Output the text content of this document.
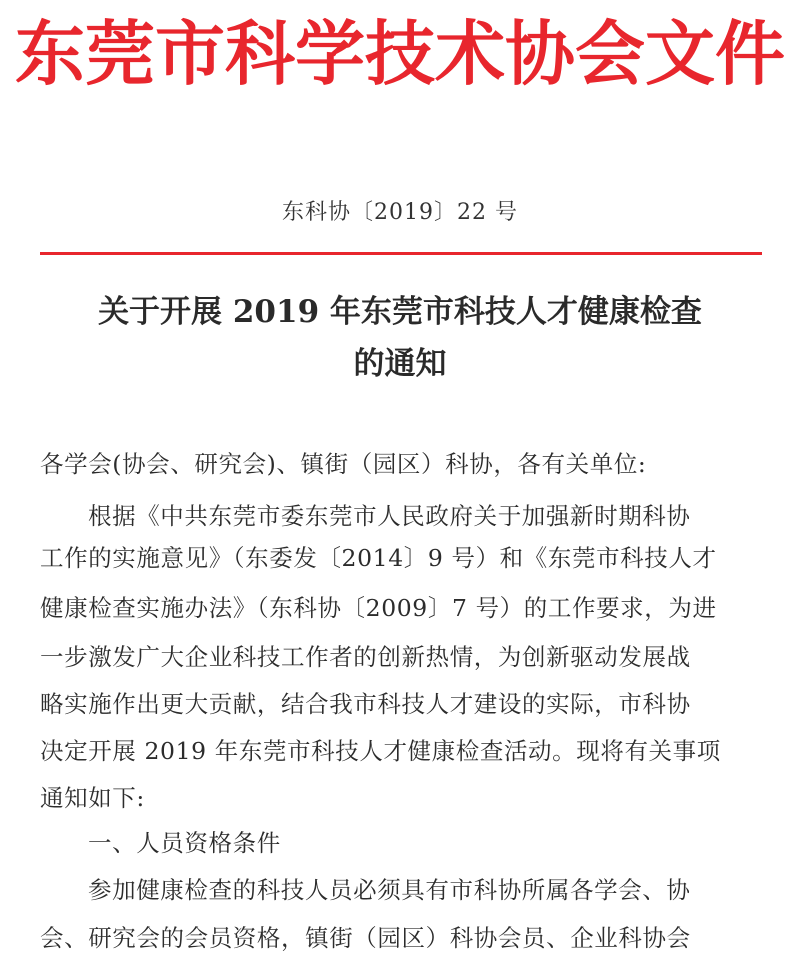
东莞市科学技术协会文件
东科协〔2019〕22 号
关于开展 2019 年东莞市科技人才健康检查
的通知
各学会(协会、研究会)、镇街（园区）科协，各有关单位:
根据《中共东莞市委东莞市人民政府关于加强新时期科协
工作的实施意见》（东委发〔2014〕9 号）和《东莞市科技人才
健康检查实施办法》（东科协〔2009〕7 号）的工作要求，为进
一步激发广大企业科技工作者的创新热情，为创新驱动发展战
略实施作出更大贡献，结合我市科技人才建设的实际，市科协
决定开展 2019 年东莞市科技人才健康检查活动。现将有关事项
通知如下:
一、人员资格条件
参加健康检查的科技人员必须具有市科协所属各学会、协
会、研究会的会员资格，镇街（园区）科协会员、企业科协会
